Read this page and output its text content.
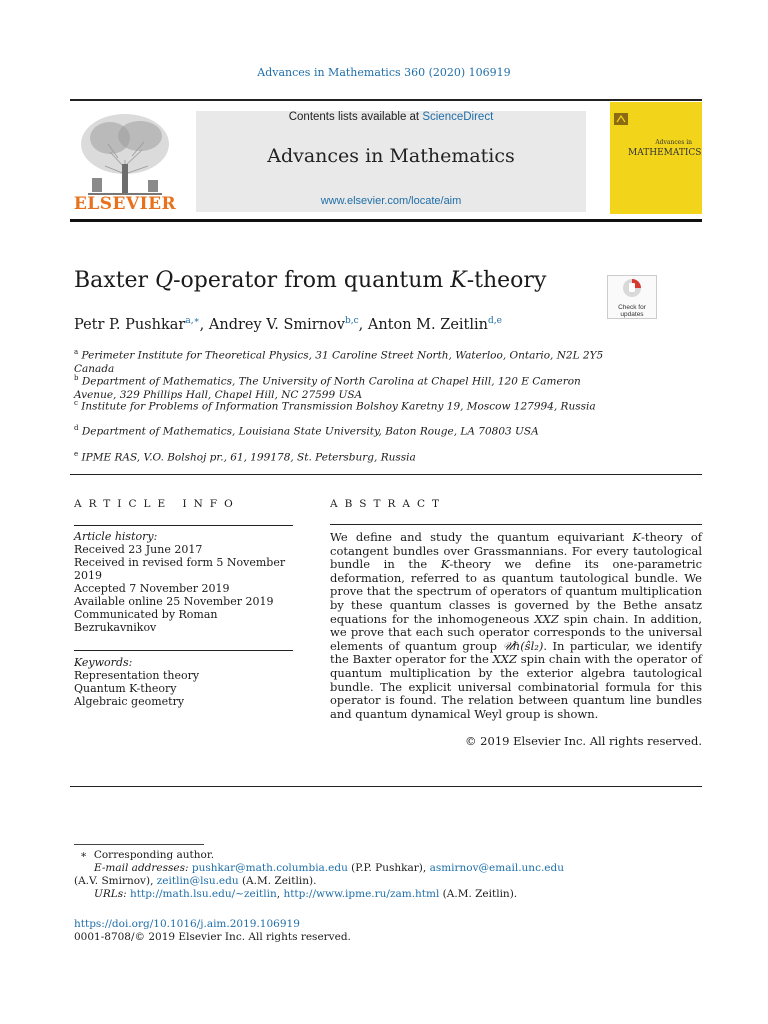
Advances in Mathematics 360 (2020) 106919
ELSEVIER
Contents lists available at ScienceDirect
Advances in Mathematics
www.elsevier.com/locate/aim
Advances in
MATHEMATICS
Baxter Q-operator from quantum K-theory
Check for
updates
Petr P. Pushkar$^{a,∗}$, Andrey V. Smirnov$^{b,c}$, Anton M. Zeitlin$^{d,e}$
$^a$ Perimeter Institute for Theoretical Physics, 31 Caroline Street North, Waterloo, Ontario, N2L 2Y5 Canada
$^b$ Department of Mathematics, The University of North Carolina at Chapel Hill, 120 E Cameron Avenue, 329 Phillips Hall, Chapel Hill, NC 27599 USA
$^c$ Institute for Problems of Information Transmission Bolshoy Karetny 19, Moscow 127994, Russia
$^d$ Department of Mathematics, Louisiana State University, Baton Rouge, LA 70803 USA
$^e$ IPME RAS, V.O. Bolshoj pr., 61, 199178, St. Petersburg, Russia
ARTICLE INFO
Article history:
Received 23 June 2017
Received in revised form 5 November 2019
Accepted 7 November 2019
Available online 25 November 2019
Communicated by Roman Bezrukavnikov
Keywords:
Representation theory
Quantum K-theory
Algebraic geometry
ABSTRACT
We define and study the quantum equivariant K-theory of cotangent bundles over Grassmannians. For every tautological bundle in the K-theory we define its one-parametric deformation, referred to as quantum tautological bundle. We prove that the spectrum of operators of quantum multiplication by these quantum classes is governed by the Bethe ansatz equations for the inhomogeneous XXZ spin chain. In addition, we prove that each such operator corresponds to the universal elements of quantum group 𝒰ℏ(ŝl₂). In particular, we identify the Baxter operator for the XXZ spin chain with the operator of quantum multiplication by the exterior algebra tautological bundle. The explicit universal combinatorial formula for this operator is found. The relation between quantum line bundles and quantum dynamical Weyl group is shown.
© 2019 Elsevier Inc. All rights reserved.
∗ Corresponding author.
E-mail addresses: pushkar@math.columbia.edu (P.P. Pushkar), asmirnov@email.unc.edu
(A.V. Smirnov), zeitlin@lsu.edu (A.M. Zeitlin).
URLs: http://math.lsu.edu/~zeitlin, http://www.ipme.ru/zam.html (A.M. Zeitlin).
https://doi.org/10.1016/j.aim.2019.106919
0001-8708/© 2019 Elsevier Inc. All rights reserved.
